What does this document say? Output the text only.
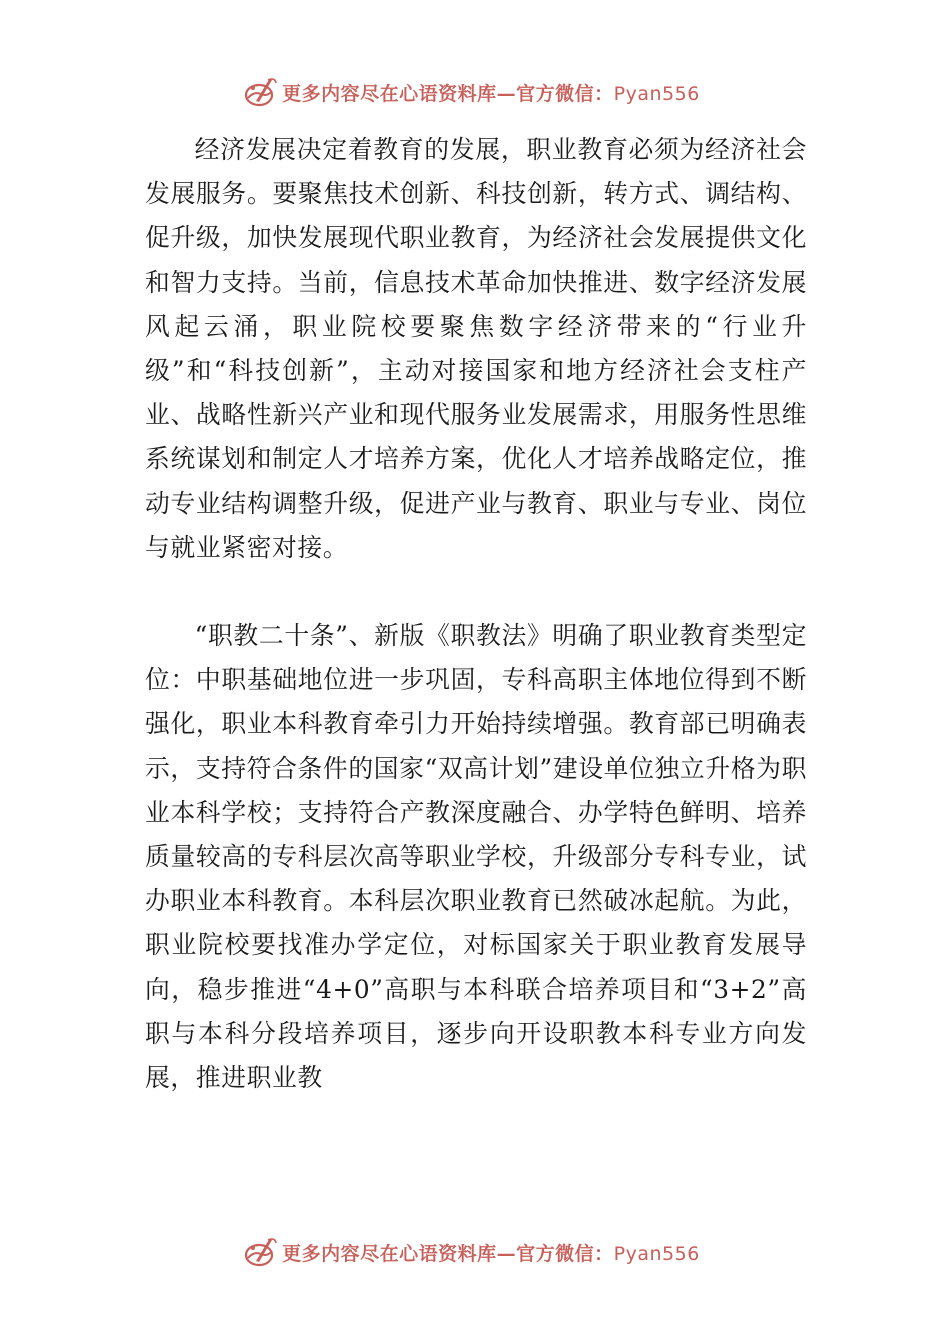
更多内容尽在心语资料库—官方微信：Pyan556

经济发展决定着教育的发展，职业教育必须为经济社会发展服务。要聚焦技术创新、科技创新，转方式、调结构、促升级，加快发展现代职业教育，为经济社会发展提供文化和智力支持。当前，信息技术革命加快推进、数字经济发展风起云涌，职业院校要聚焦数字经济带来的“行业升级”和“科技创新”，主动对接国家和地方经济社会支柱产业、战略性新兴产业和现代服务业发展需求，用服务性思维系统谋划和制定人才培养方案，优化人才培养战略定位，推动专业结构调整升级，促进产业与教育、职业与专业、岗位与就业紧密对接。

“职教二十条”、新版《职教法》明确了职业教育类型定位：中职基础地位进一步巩固，专科高职主体地位得到不断强化，职业本科教育牵引力开始持续增强。教育部已明确表示，支持符合条件的国家“双高计划”建设单位独立升格为职业本科学校；支持符合产教深度融合、办学特色鲜明、培养质量较高的专科层次高等职业学校，升级部分专科专业，试办职业本科教育。本科层次职业教育已然破冰起航。为此，职业院校要找准办学定位，对标国家关于职业教育发展导向，稳步推进“4+0”高职与本科联合培养项目和“3+2”高职与本科分段培养项目，逐步向开设职教本科专业方向发展，推进职业教

更多内容尽在心语资料库—官方微信：Pyan556
